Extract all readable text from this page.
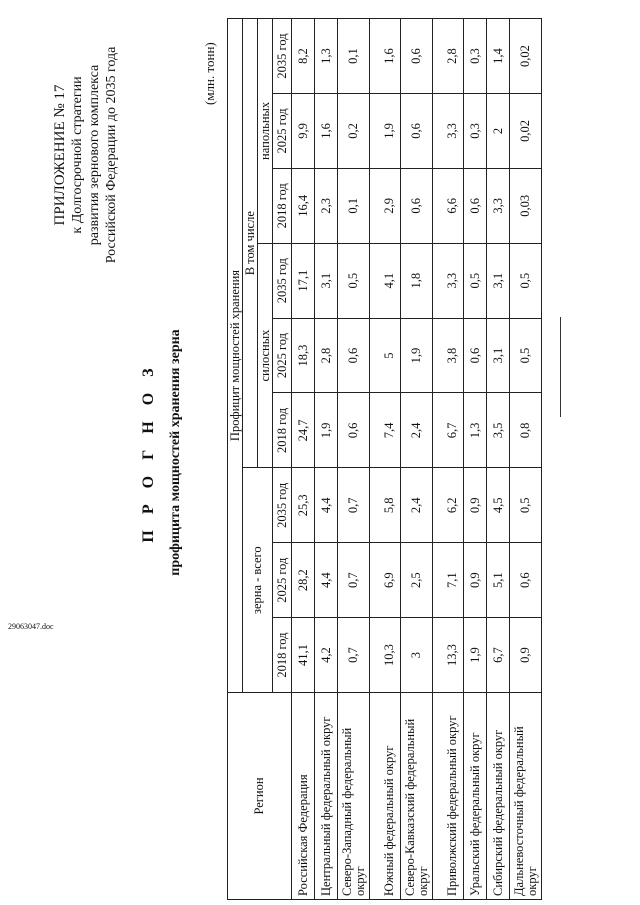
ПРИЛОЖЕНИЕ № 17 к Долгосрочной стратегии развития зернового комплекса Российской Федерации до 2035 года
П Р О Г Н О З профицита мощностей хранения зерна
(млн. тонн)
Регион	Профицит мощностей хранения								
	зерна - всего			В том числе					
				силосных			напольных		
	2018 год	2025 год	2035 год	2018 год	2025 год	2035 год	2018 год	2025 год	2035 год
Российская Федерация	41,1	28,2	25,3	24,7	18,3	17,1	16,4	9,9	8,2
Центральный федеральный округ	4,2	4,4	4,4	1,9	2,8	3,1	2,3	1,6	1,3
Северо-Западный федеральный округ	0,7	0,7	0,7	0,6	0,6	0,5	0,1	0,2	0,1
Южный федеральный округ	10,3	6,9	5,8	7,4	5	4,1	2,9	1,9	1,6
Северо-Кавказский федеральный округ	3	2,5	2,4	2,4	1,9	1,8	0,6	0,6	0,6
Приволжский федеральный округ	13,3	7,1	6,2	6,7	3,8	3,3	6,6	3,3	2,8
Уральский федеральный округ	1,9	0,9	0,9	1,3	0,6	0,5	0,6	0,3	0,3
Сибирский федеральный округ	6,7	5,1	4,5	3,5	3,1	3,1	3,3	2	1,4
Дальневосточный федеральный округ	0,9	0,6	0,5	0,8	0,5	0,5	0,03	0,02	0,02
29063047.doc
